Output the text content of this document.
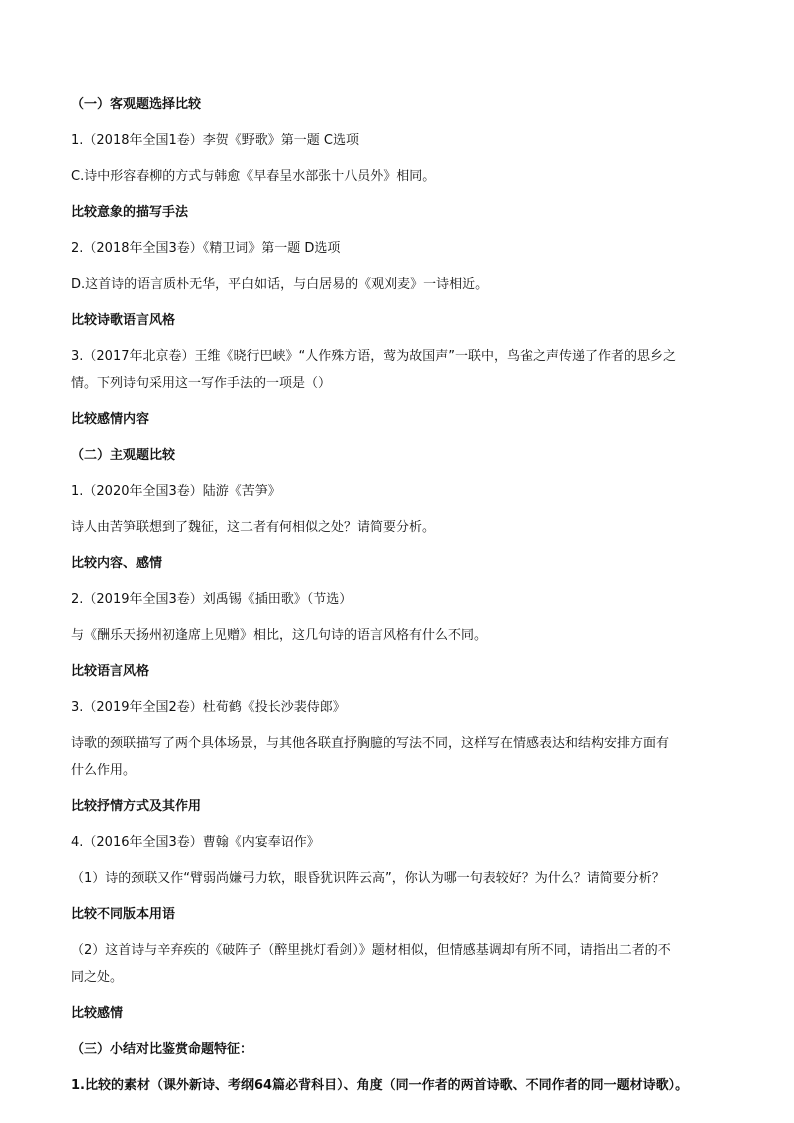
（一）客观题选择比较

1.（2018年全国1卷）李贺《野歌》第一题 C选项

C.诗中形容春柳的方式与韩愈《早春呈水部张十八员外》相同。

比较意象的描写手法

2.（2018年全国3卷）《精卫词》第一题 D选项

D.这首诗的语言质朴无华，平白如话，与白居易的《观刈麦》一诗相近。

比较诗歌语言风格

3.（2017年北京卷）王维《晓行巴峡》“人作殊方语，莺为故国声”一联中，鸟雀之声传递了作者的思乡之

情。下列诗句采用这一写作手法的一项是（）

比较感情内容

（二）主观题比较

1.（2020年全国3卷）陆游《苦笋》

诗人由苦笋联想到了魏征，这二者有何相似之处？请简要分析。

比较内容、感情

2.（2019年全国3卷）刘禹锡《插田歌》（节选）

与《酬乐天扬州初逢席上见赠》相比，这几句诗的语言风格有什么不同。

比较语言风格

3.（2019年全国2卷）杜荀鹤《投长沙裴侍郎》

诗歌的颈联描写了两个具体场景，与其他各联直抒胸臆的写法不同，这样写在情感表达和结构安排方面有

什么作用。

比较抒情方式及其作用

4.（2016年全国3卷）曹翰《内宴奉诏作》

（1）诗的颈联又作“臂弱尚嫌弓力软，眼昏犹识阵云高”，你认为哪一句表较好？为什么？请简要分析？

比较不同版本用语

（2）这首诗与辛弃疾的《破阵子（醉里挑灯看剑）》题材相似，但情感基调却有所不同，请指出二者的不

同之处。

比较感情

（三）小结对比鉴赏命题特征：

1.比较的素材（课外新诗、考纲64篇必背科目）、角度（同一作者的两首诗歌、不同作者的同一题材诗歌）。
